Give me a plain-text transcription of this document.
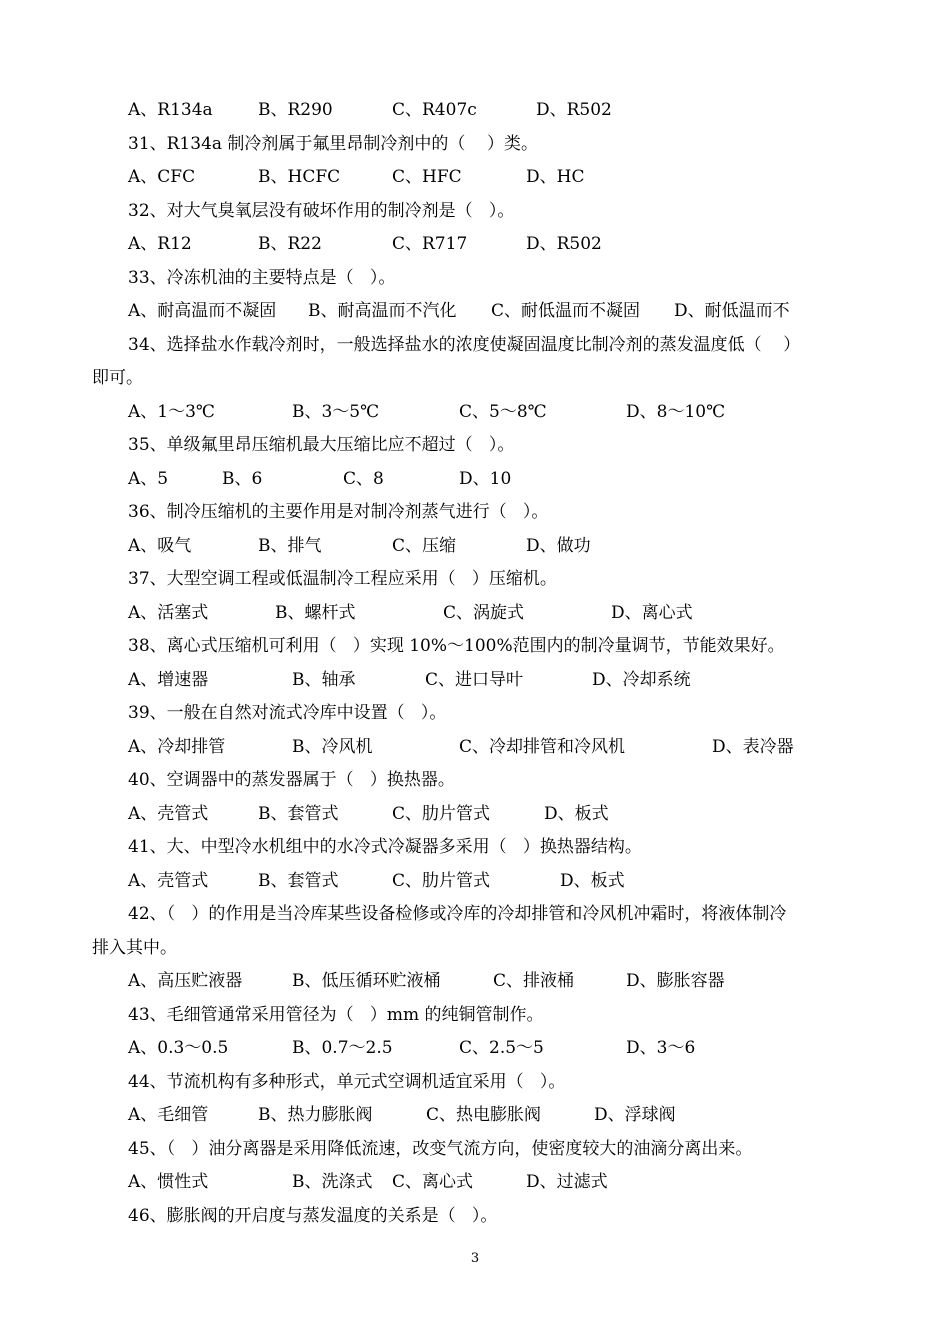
A、R134a	B、R290	C、R407c	D、R502
31、R134a 制冷剂属于氟里昂制冷剂中的（    ）类。
A、CFC	B、HCFC	C、HFC	D、HC
32、对大气臭氧层没有破坏作用的制冷剂是（   ）。
A、R12	B、R22	C、R717	D、R502
33、冷冻机油的主要特点是（   ）。
A、耐高温而不凝固 B、耐高温而不汽化 C、耐低温而不凝固 D、耐低温而不
34、选择盐水作载冷剂时，一般选择盐水的浓度使凝固温度比制冷剂的蒸发温度低（    ）
即可。
A、1～3℃	B、3～5℃	C、5～8℃	D、8～10℃
35、单级氟里昂压缩机最大压缩比应不超过（   ）。
A、5	B、6	C、8	D、10
36、制冷压缩机的主要作用是对制冷剂蒸气进行（   ）。
A、吸气	B、排气	C、压缩	D、做功
37、大型空调工程或低温制冷工程应采用（   ）压缩机。
A、活塞式	B、螺杆式	C、涡旋式	D、离心式
38、离心式压缩机可利用（   ）实现 10%～100%范围内的制冷量调节，节能效果好。
A、增速器	B、轴承	C、进口导叶	D、冷却系统
39、一般在自然对流式冷库中设置（   ）。
A、冷却排管	B、冷风机	C、冷却排管和冷风机	D、表冷器
40、空调器中的蒸发器属于（   ）换热器。
A、壳管式	B、套管式	C、肋片管式	D、板式
41、大、中型冷水机组中的水冷式冷凝器多采用（   ）换热器结构。
A、壳管式	B、套管式	C、肋片管式	D、板式
42、（   ）的作用是当冷库某些设备检修或冷库的冷却排管和冷风机冲霜时，将液体制冷
排入其中。
A、高压贮液器	B、低压循环贮液桶	C、排液桶	D、膨胀容器
43、毛细管通常采用管径为（   ）mm 的纯铜管制作。
A、0.3～0.5	B、0.7～2.5	C、2.5～5	D、3～6
44、节流机构有多种形式，单元式空调机适宜采用（   ）。
A、毛细管	B、热力膨胀阀	C、热电膨胀阀	D、浮球阀
45、（   ）油分离器是采用降低流速，改变气流方向，使密度较大的油滴分离出来。
A、惯性式	B、洗涤式 C、离心式	D、过滤式
46、膨胀阀的开启度与蒸发温度的关系是（   ）。
3
